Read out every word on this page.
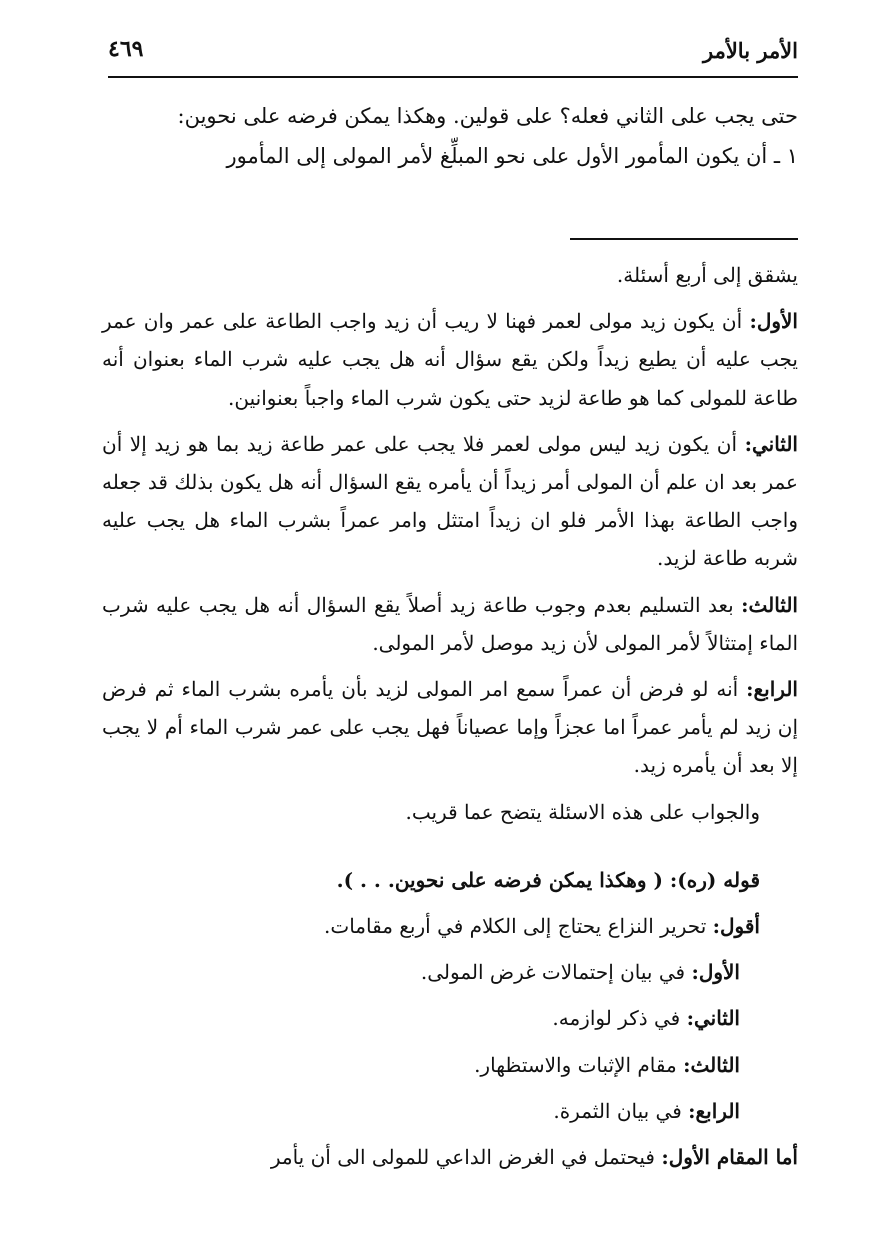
الأمر بالأمر
٤٦٩

حتى يجب على الثاني فعله؟ على قولين. وهكذا يمكن فرضه على نحوين:

١ ـ أن يكون المأمور الأول على نحو المبلِّغ لأمر المولى إلى المأمور

يشقق إلى أربع أسئلة.

الأول: أن يكون زيد مولى لعمر فهنا لا ريب أن زيد واجب الطاعة على عمر وان عمر يجب عليه أن يطيع زيداً ولكن يقع سؤال أنه هل يجب عليه شرب الماء بعنوان أنه طاعة للمولى كما هو طاعة لزيد حتى يكون شرب الماء واجباً بعنوانين.

الثاني: أن يكون زيد ليس مولى لعمر فلا يجب على عمر طاعة زيد بما هو زيد إلا أن عمر بعد ان علم أن المولى أمر زيداً أن يأمره يقع السؤال أنه هل يكون بذلك قد جعله واجب الطاعة بهذا الأمر فلو ان زيداً امتثل وامر عمراً بشرب الماء هل يجب عليه شربه طاعة لزيد.

الثالث: بعد التسليم بعدم وجوب طاعة زيد أصلاً يقع السؤال أنه هل يجب عليه شرب الماء إمتثالاً لأمر المولى لأن زيد موصل لأمر المولى.

الرابع: أنه لو فرض أن عمراً سمع امر المولى لزيد بأن يأمره بشرب الماء ثم فرض إن زيد لم يأمر عمراً اما عجزاً وإما عصياناً فهل يجب على عمر شرب الماء أم لا يجب إلا بعد أن يأمره زيد.

والجواب على هذه الاسئلة يتضح عما قريب.

قوله (ره): ( وهكذا يمكن فرضه على نحوين. . . ).

أقول: تحرير النزاع يحتاج إلى الكلام في أربع مقامات.

الأول: في بيان إحتمالات غرض المولى.

الثاني: في ذكر لوازمه.

الثالث: مقام الإثبات والاستظهار.

الرابع: في بيان الثمرة.

أما المقام الأول: فيحتمل في الغرض الداعي للمولى الى أن يأمر
